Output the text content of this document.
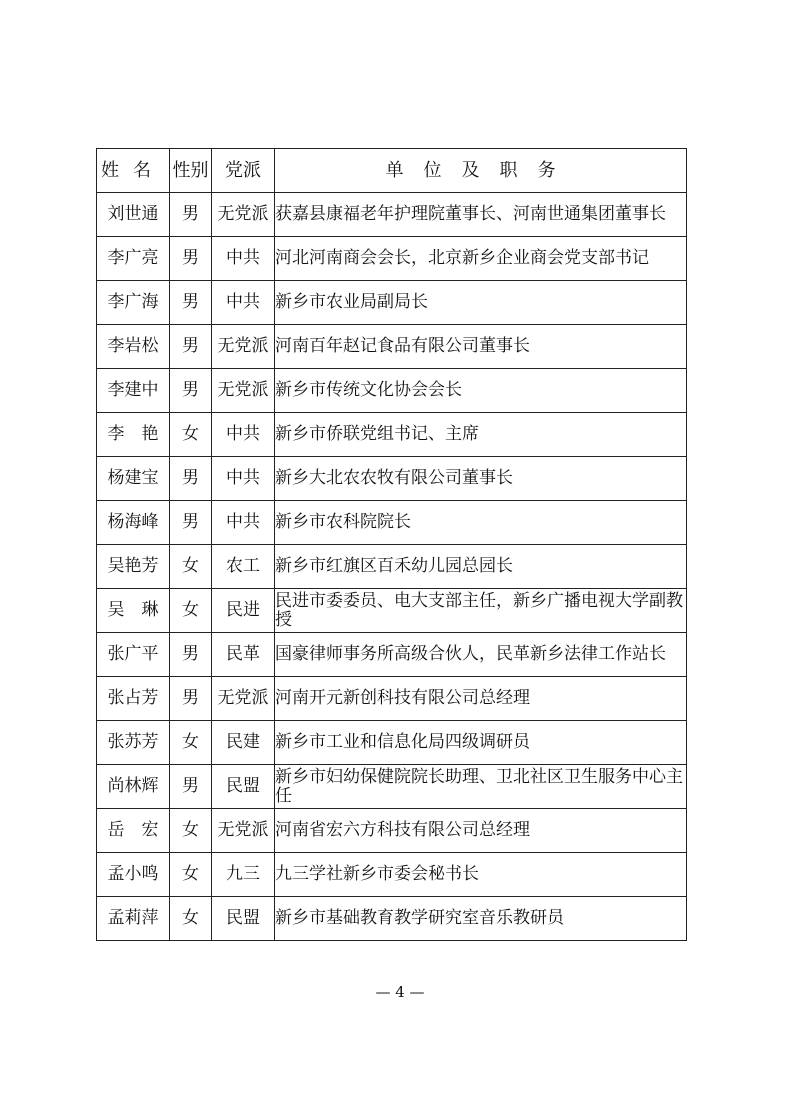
姓名	性别	党派	单位及职务
刘世通	男	无党派	获嘉县康福老年护理院董事长、河南世通集团董事长
李广亮	男	中共	河北河南商会会长，北京新乡企业商会党支部书记
李广海	男	中共	新乡市农业局副局长
李岩松	男	无党派	河南百年赵记食品有限公司董事长
李建中	男	无党派	新乡市传统文化协会会长
李　艳	女	中共	新乡市侨联党组书记、主席
杨建宝	男	中共	新乡大北农农牧有限公司董事长
杨海峰	男	中共	新乡市农科院院长
吴艳芳	女	农工	新乡市红旗区百禾幼儿园总园长
吴　琳	女	民进	民进市委委员、电大支部主任，新乡广播电视大学副教授
张广平	男	民革	国豪律师事务所高级合伙人，民革新乡法律工作站长
张占芳	男	无党派	河南开元新创科技有限公司总经理
张苏芳	女	民建	新乡市工业和信息化局四级调研员
尚林辉	男	民盟	新乡市妇幼保健院院长助理、卫北社区卫生服务中心主任
岳　宏	女	无党派	河南省宏六方科技有限公司总经理
孟小鸣	女	九三	九三学社新乡市委会秘书长
孟莉萍	女	民盟	新乡市基础教育教学研究室音乐教研员
— 4 —
